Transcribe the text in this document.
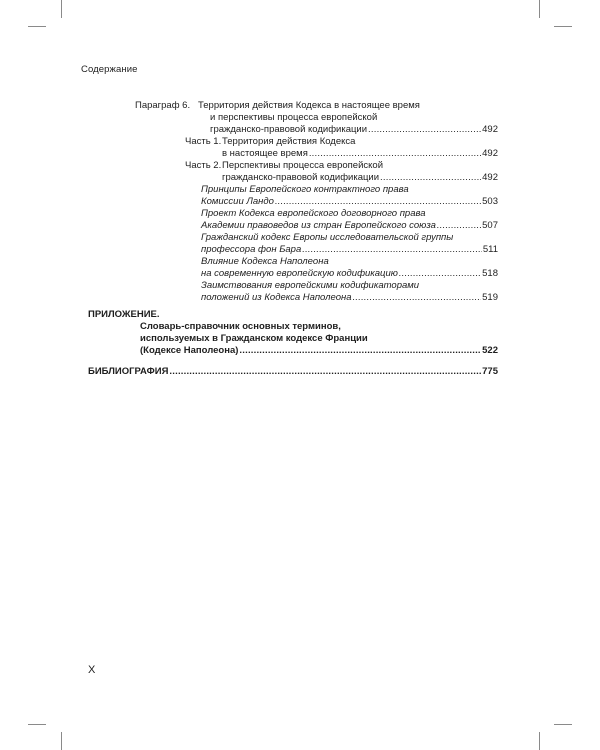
Содержание
Параграф 6. Территория действия Кодекса в настоящее время
и перспективы процесса европейской
гражданско-правовой кодификации .....	492
Часть 1. Территория действия Кодекса
в настоящее время .....	492
Часть 2. Перспективы процесса европейской
гражданско-правовой кодификации .....	492
Принципы Европейского контрактного права
Комиссии Ландо .....	503
Проект Кодекса европейского договорного права
Академии правоведов из стран Европейского союза .....	507
Гражданский кодекс Европы исследовательской группы
профессора фон Бара .....	511
Влияние Кодекса Наполеона
на современную европейскую кодификацию .....	518
Заимствования европейскими кодификаторами
положений из Кодекса Наполеона .....	519
ПРИЛОЖЕНИЕ.
Словарь-справочник основных терминов,
используемых в Гражданском кодексе Франции
(Кодексе Наполеона) .....	522
БИБЛИОГРАФИЯ .....	775
X
